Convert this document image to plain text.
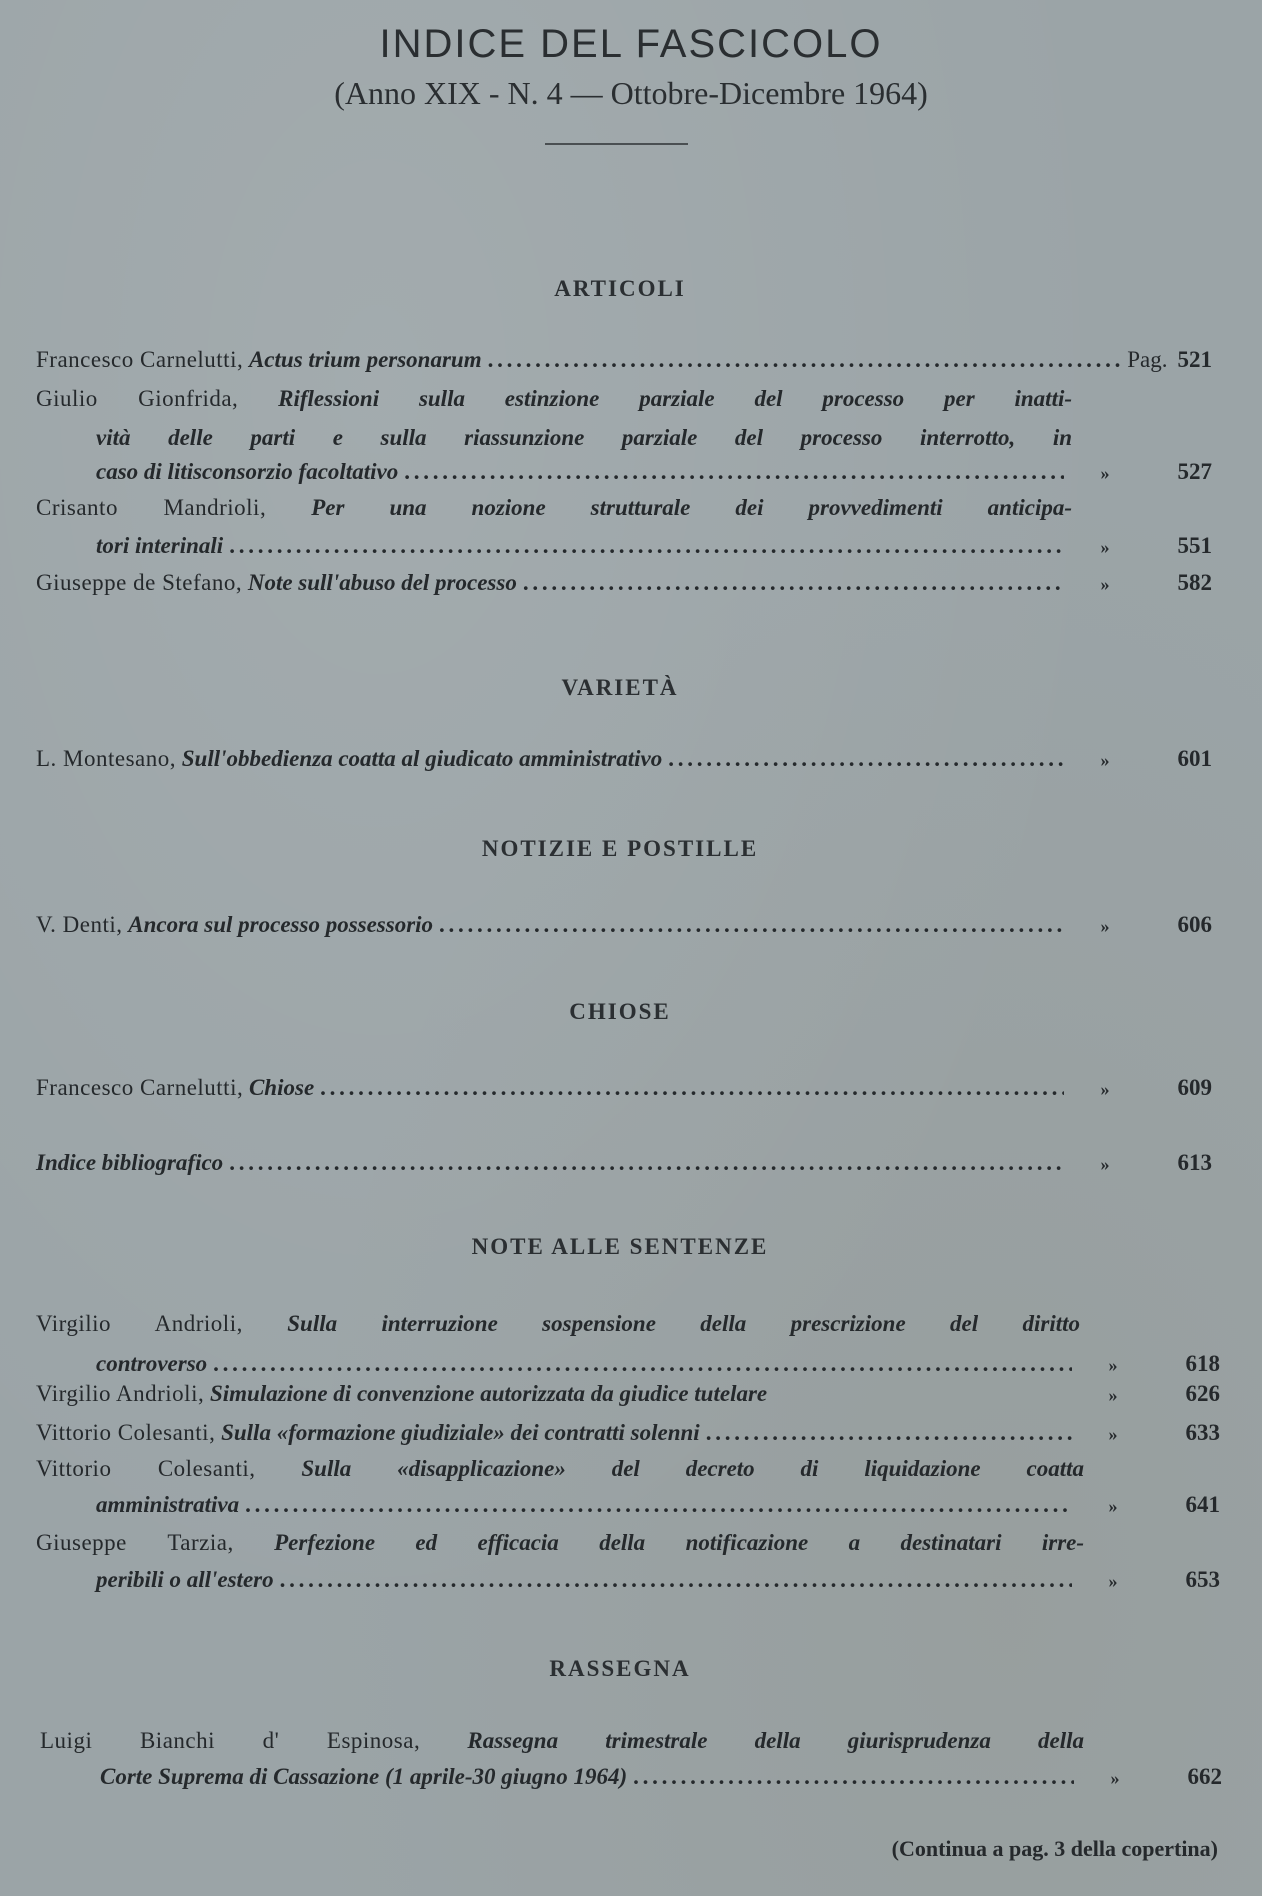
INDICE DEL FASCICOLO
(Anno XIX - N. 4 — Ottobre-Dicembre 1964)
ARTICOLI
Francesco Carnelutti,
Actus trium personarum . . .	Pag. 521
Giulio Gionfrida, Riflessioni sulla estinzione parziale del processo per inatti-
vità delle parti e sulla riassunzione parziale del processo interrotto, in
caso di litisconsorzio facoltativo . . .	»	527
Crisanto Mandrioli, Per una nozione strutturale dei provvedimenti anticipa-
tori interinali . . .	»	551
Giuseppe de Stefano,
Note sull'abuso del processo . . .	»	582
VARIETÀ
L. Montesano,
Sull'obbedienza coatta al giudicato amministrativo . . .	»	601
NOTIZIE E POSTILLE
V. Denti,
Ancora sul processo possessorio . . .	»	606
CHIOSE
Francesco Carnelutti,
Chiose . . .	»	609
Indice bibliografico . . .	»	613
NOTE ALLE SENTENZE
Virgilio Andrioli, Sulla interruzione sospensione della prescrizione del diritto
controverso . . .	»	618
Virgilio Andrioli,
Simulazione di convenzione autorizzata da giudice tutelare	»	626
Vittorio Colesanti,
Sulla «formazione giudiziale» dei contratti solenni . . .	»	633
Vittorio Colesanti, Sulla «disapplicazione» del decreto di liquidazione coatta
amministrativa . . .	»	641
Giuseppe Tarzia, Perfezione ed efficacia della notificazione a destinatari irre-
peribili o all'estero . . .	»	653
RASSEGNA
Luigi Bianchi d' Espinosa, Rassegna trimestrale della giurisprudenza della
Corte Suprema di Cassazione (1 aprile-30 giugno 1964) . . .	»	662
(Continua a pag. 3 della copertina)
